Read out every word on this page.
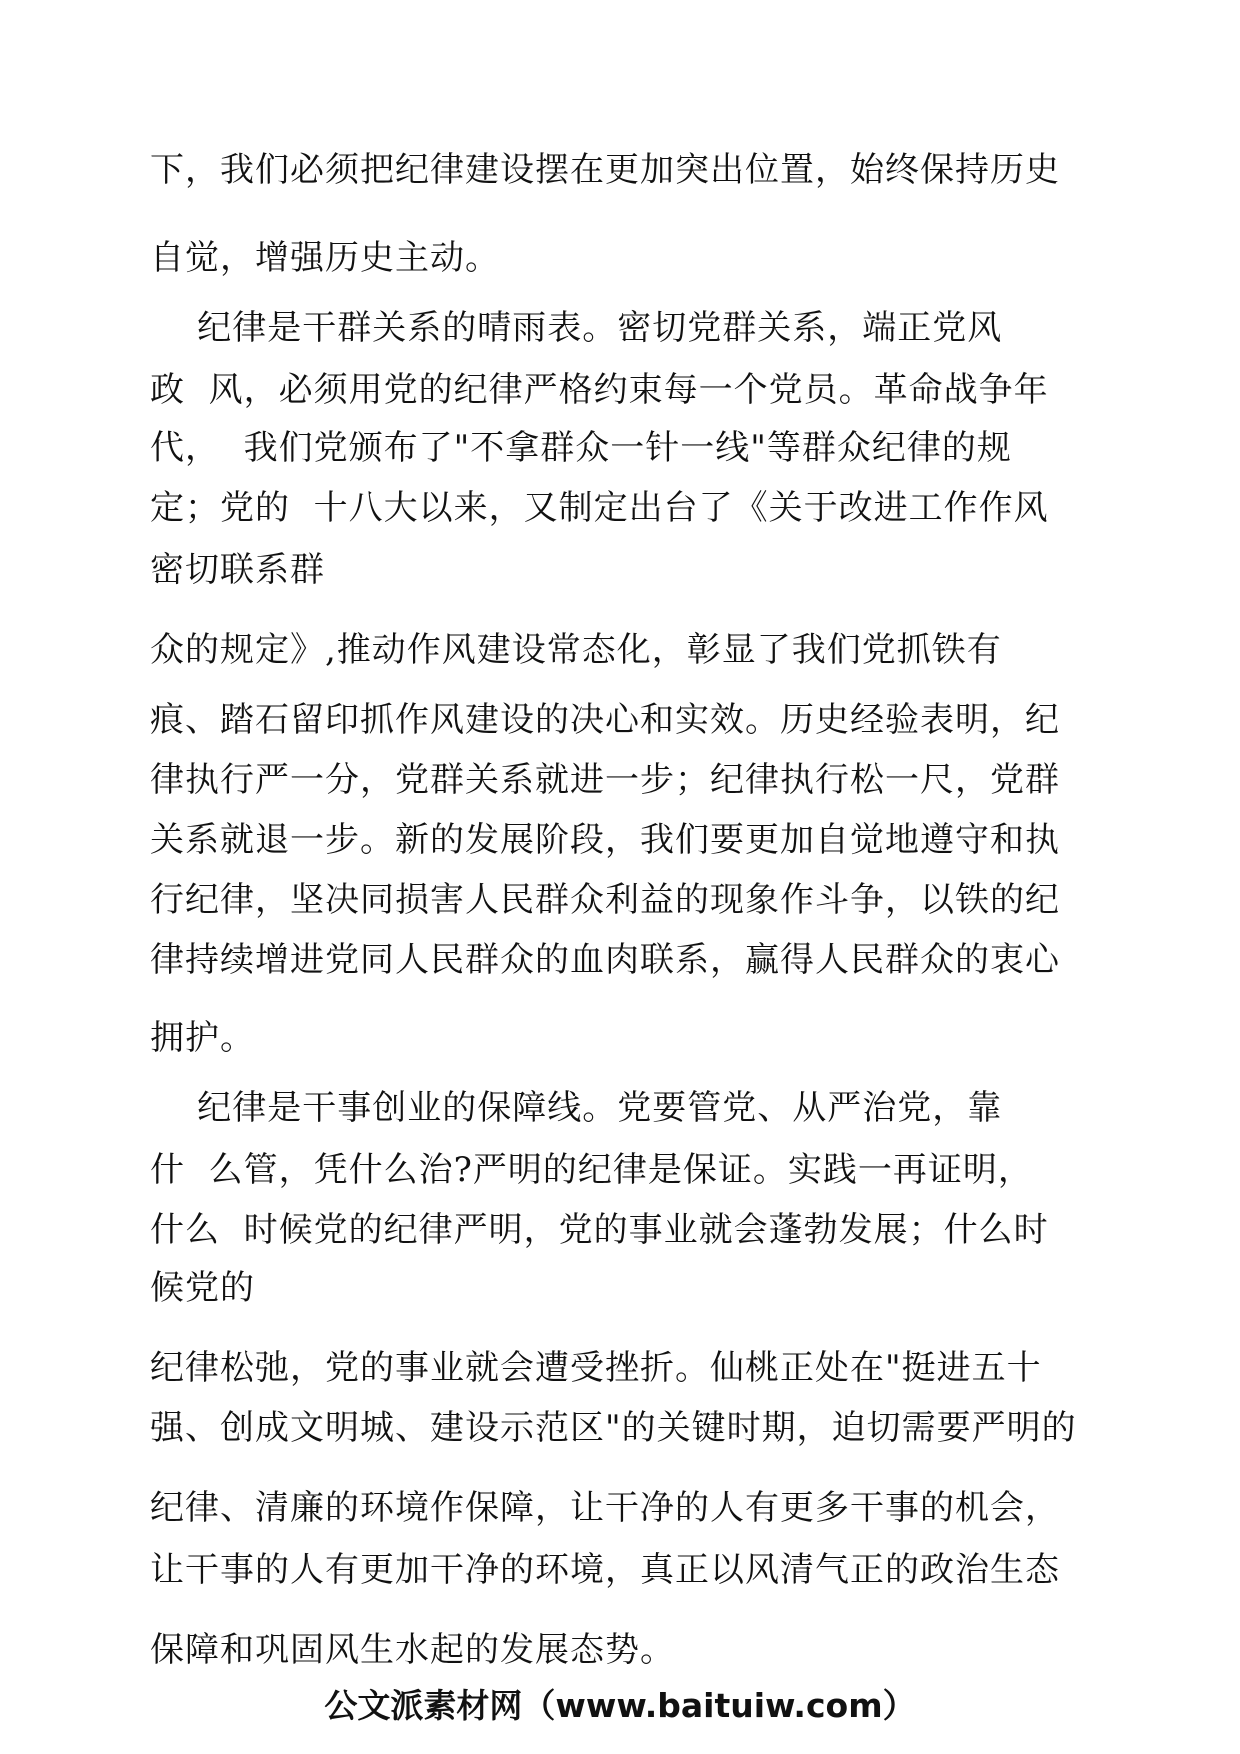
下，我们必须把纪律建设摆在更加突出位置，始终保持历史
自觉，增强历史主动。
纪律是干群关系的晴雨表。密切党群关系，端正党风
政  风，必须用党的纪律严格约束每一个党员。革命战争年
代，  我们党颁布了"不拿群众一针一线"等群众纪律的规
定；党的  十八大以来，又制定出台了《关于改进工作作风
密切联系群
众的规定》,推动作风建设常态化，彰显了我们党抓铁有
痕、踏石留印抓作风建设的决心和实效。历史经验表明，纪
律执行严一分，党群关系就进一步；纪律执行松一尺，党群
关系就退一步。新的发展阶段，我们要更加自觉地遵守和执
行纪律，坚决同损害人民群众利益的现象作斗争，以铁的纪
律持续增进党同人民群众的血肉联系，赢得人民群众的衷心
拥护。
纪律是干事创业的保障线。党要管党、从严治党，靠
什  么管，凭什么治?严明的纪律是保证。实践一再证明，
什么  时候党的纪律严明，党的事业就会蓬勃发展；什么时
候党的
纪律松弛，党的事业就会遭受挫折。仙桃正处在"挺进五十
强、创成文明城、建设示范区"的关键时期，迫切需要严明的
纪律、清廉的环境作保障，让干净的人有更多干事的机会，
让干事的人有更加干净的环境，真正以风清气正的政治生态
保障和巩固风生水起的发展态势。
公文派素材网（www.baituiw.com）
